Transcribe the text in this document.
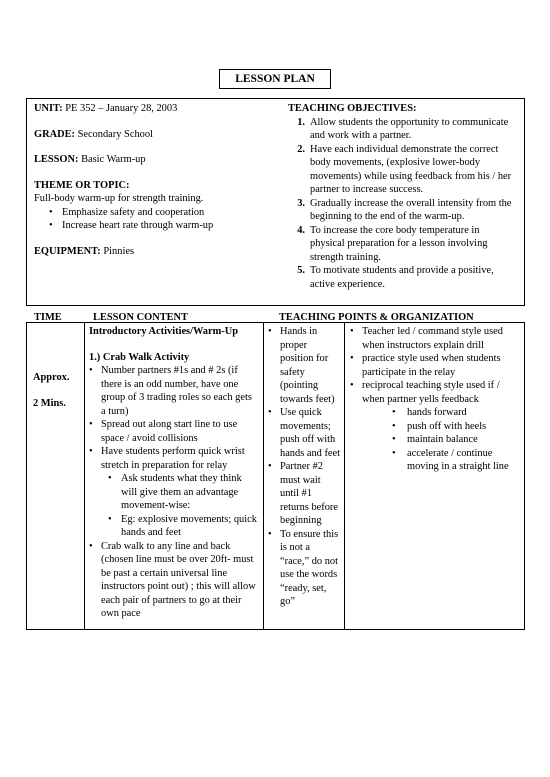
LESSON PLAN

UNIT: PE 352 – January 28, 2003

GRADE: Secondary School

LESSON: Basic Warm-up

THEME OR TOPIC:

Full-body warm-up for strength training.

• Emphasize safety and cooperation

• Increase heart rate through warm-up

EQUIPMENT: Pinnies

TEACHING OBJECTIVES:

1. Allow students the opportunity to communicate and work with a partner.

2. Have each individual demonstrate the correct body movements, (explosive lower-body movements) while using feedback from his / her partner to increase success.

3. Gradually increase the overall intensity from the beginning to the end of the warm-up.

4. To increase the core body temperature in physical preparation for a lesson involving strength training.

5. To motivate students and provide a positive, active experience.

TIME	LESSON CONTENT	TEACHING POINTS & ORGANIZATION

Approx.

2 Mins.

Introductory Activities/Warm-Up

1.) Crab Walk Activity

• Number partners #1s and # 2s (if there is an odd number, have one group of 3 trading roles so each gets a turn)

• Spread out along start line to use space / avoid collisions

• Have students perform quick wrist stretch in preparation for relay

• Ask students what they think will give them an advantage movement-wise:

• Eg: explosive movements; quick hands and feet

• Crab walk to any line and back (chosen line must be over 20ft- must be past a certain universal line instructors point out) ; this will allow each pair of partners to go at their own pace

• Hands in proper position for safety (pointing towards feet)

• Use quick movements; push off with hands and feet

• Partner #2 must wait until #1 returns before beginning

• To ensure this is not a “race,” do not use the words “ready, set, go”

• Teacher led / command style used when instructors explain drill

• practice style used when students participate in the relay

• reciprocal teaching style used if / when partner yells feedback

• hands forward

• push off with heels

• maintain balance

• accelerate / continue moving in a straight line
